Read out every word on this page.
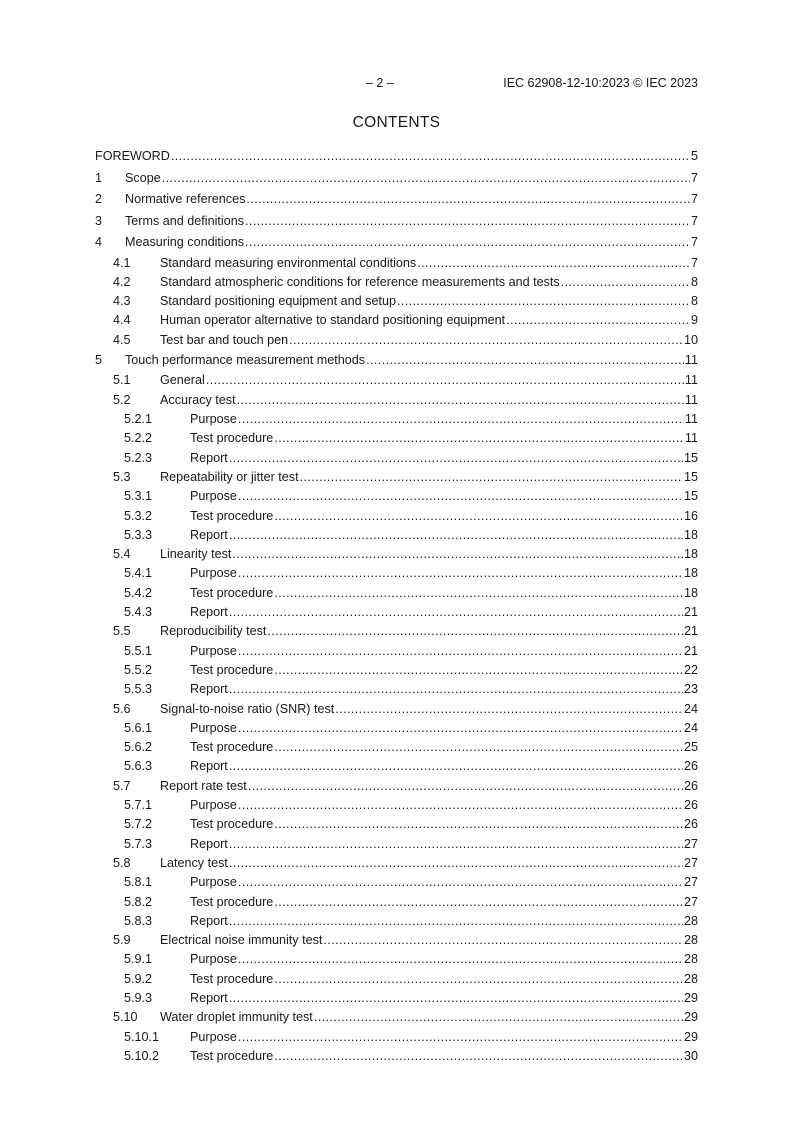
– 2 –	IEC 62908-12-10:2023 © IEC 2023
CONTENTS
FOREWORD .....	5
1	Scope .....	7
2	Normative references .....	7
3	Terms and definitions .....	7
4	Measuring conditions .....	7
4.1	Standard measuring environmental conditions .....	7
4.2	Standard atmospheric conditions for reference measurements and tests .....	8
4.3	Standard positioning equipment and setup .....	8
4.4	Human operator alternative to standard positioning equipment .....	9
4.5	Test bar and touch pen .....	10
5	Touch performance measurement methods .....	11
5.1	General .....	11
5.2	Accuracy test .....	11
5.2.1	Purpose .....	11
5.2.2	Test procedure .....	11
5.2.3	Report .....	15
5.3	Repeatability or jitter test .....	15
5.3.1	Purpose .....	15
5.3.2	Test procedure .....	16
5.3.3	Report .....	18
5.4	Linearity test .....	18
5.4.1	Purpose .....	18
5.4.2	Test procedure .....	18
5.4.3	Report .....	21
5.5	Reproducibility test .....	21
5.5.1	Purpose .....	21
5.5.2	Test procedure .....	22
5.5.3	Report .....	23
5.6	Signal-to-noise ratio (SNR) test .....	24
5.6.1	Purpose .....	24
5.6.2	Test procedure .....	25
5.6.3	Report .....	26
5.7	Report rate test .....	26
5.7.1	Purpose .....	26
5.7.2	Test procedure .....	26
5.7.3	Report .....	27
5.8	Latency test .....	27
5.8.1	Purpose .....	27
5.8.2	Test procedure .....	27
5.8.3	Report .....	28
5.9	Electrical noise immunity test .....	28
5.9.1	Purpose .....	28
5.9.2	Test procedure .....	28
5.9.3	Report .....	29
5.10	Water droplet immunity test .....	29
5.10.1	Purpose .....	29
5.10.2	Test procedure .....	30
